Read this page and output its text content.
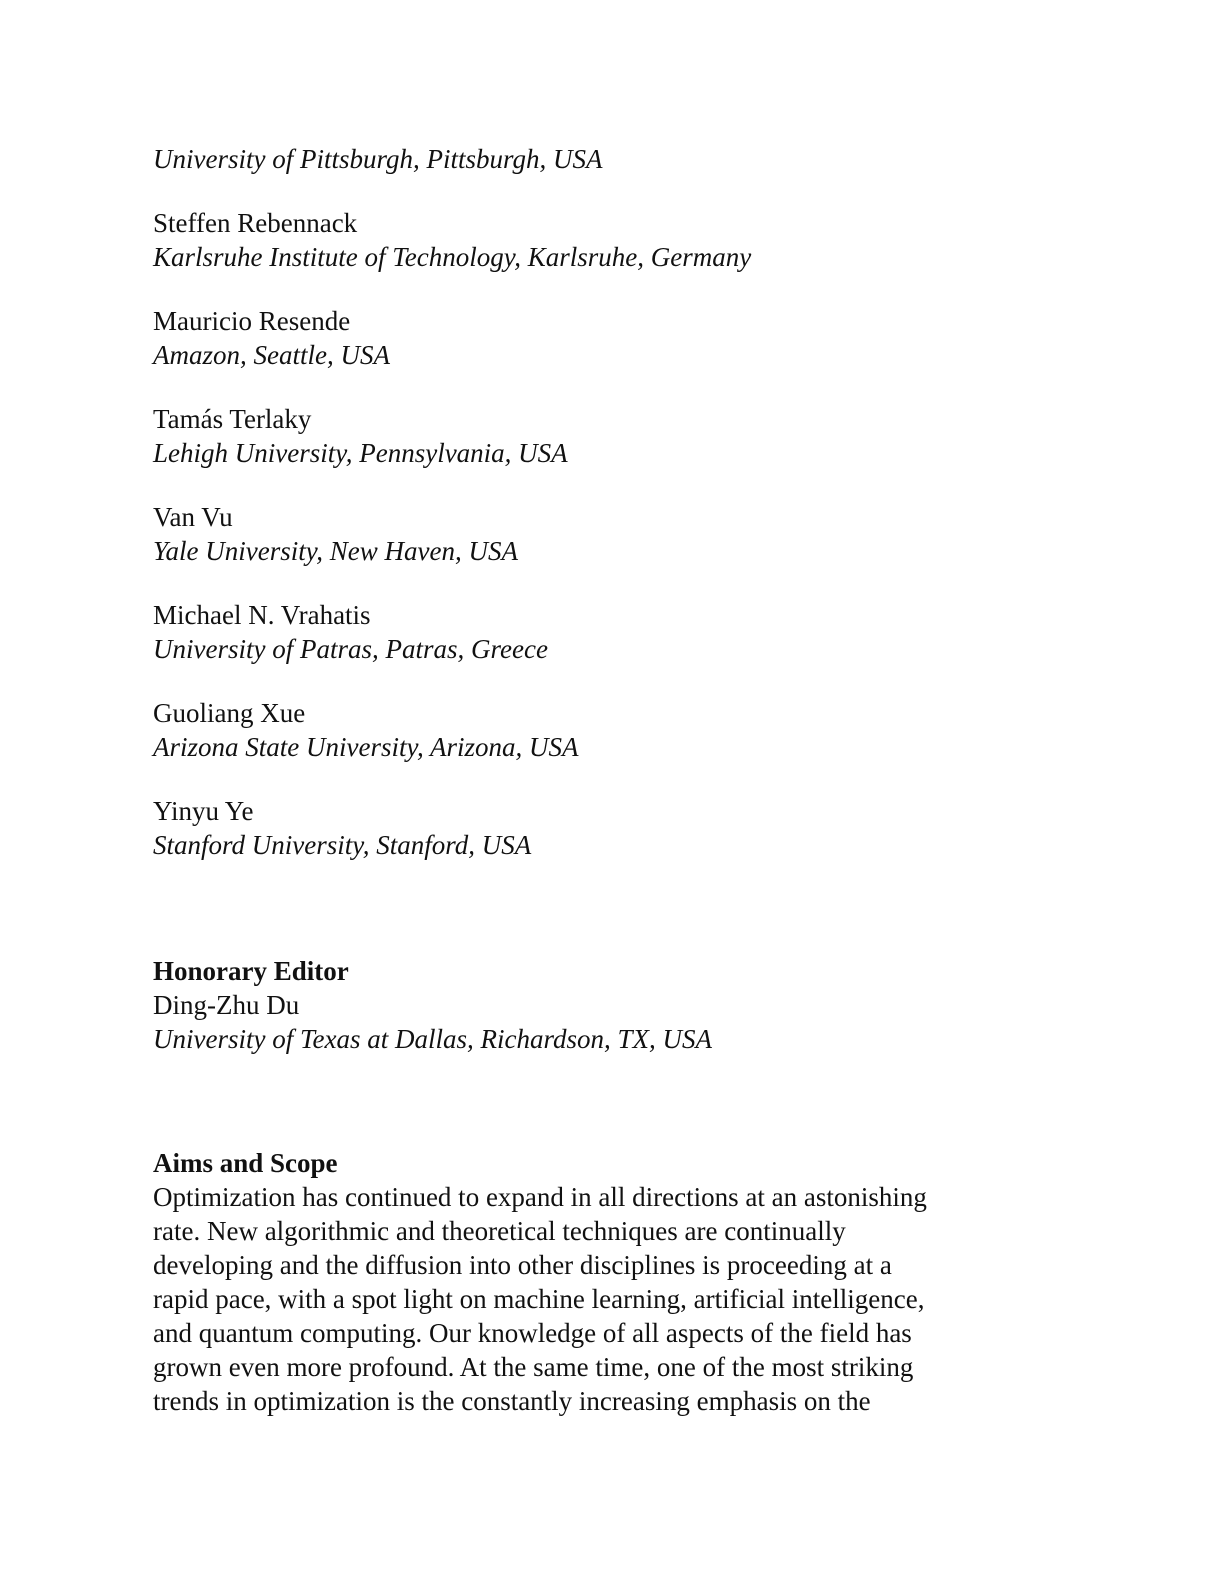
University of Pittsburgh, Pittsburgh, USA
Steffen Rebennack
Karlsruhe Institute of Technology, Karlsruhe, Germany
Mauricio Resende
Amazon, Seattle, USA
Tamás Terlaky
Lehigh University, Pennsylvania, USA
Van Vu
Yale University, New Haven, USA
Michael N. Vrahatis
University of Patras, Patras, Greece
Guoliang Xue
Arizona State University, Arizona, USA
Yinyu Ye
Stanford University, Stanford, USA
Honorary Editor
Ding-Zhu Du
University of Texas at Dallas, Richardson, TX, USA
Aims and Scope
Optimization has continued to expand in all directions at an astonishing
rate. New algorithmic and theoretical techniques are continually
developing and the diffusion into other disciplines is proceeding at a
rapid pace, with a spot light on machine learning, artificial intelligence,
and quantum computing. Our knowledge of all aspects of the field has
grown even more profound. At the same time, one of the most striking
trends in optimization is the constantly increasing emphasis on the
